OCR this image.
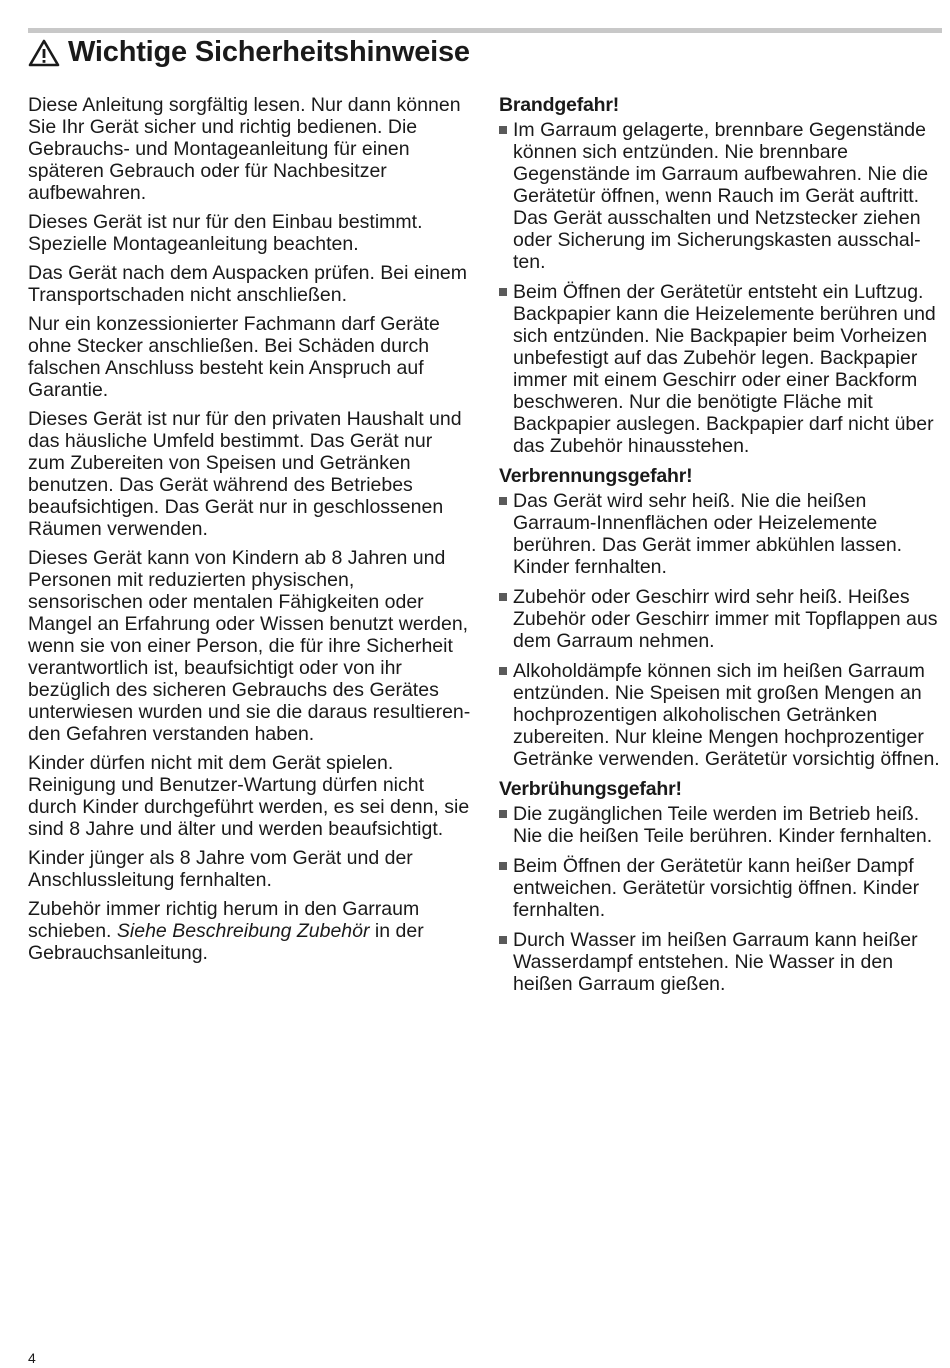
Wichtige Sicherheitshinweise

Diese Anleitung sorgfältig lesen. Nur dann können Sie Ihr Gerät sicher und richtig bedienen. Die Gebrauchs- und Montageanleitung für einen späteren Gebrauch oder für Nachbesitzer aufbewahren.

Dieses Gerät ist nur für den Einbau bestimmt. Spezielle Montageanleitung beachten.

Das Gerät nach dem Auspacken prüfen. Bei einem Transportschaden nicht anschließen.

Nur ein konzessionierter Fachmann darf Geräte ohne Stecker anschließen. Bei Schäden durch falschen Anschluss besteht kein Anspruch auf Garantie.

Dieses Gerät ist nur für den privaten Haushalt und das häusliche Umfeld bestimmt. Das Gerät nur zum Zubereiten von Speisen und Getränken benutzen. Das Gerät während des Betriebes beaufsichtigen. Das Gerät nur in geschlossenen Räumen verwenden.

Dieses Gerät kann von Kindern ab 8 Jahren und Personen mit reduzierten physischen, sensorischen oder mentalen Fähigkeiten oder Mangel an Erfahrung oder Wissen benutzt werden, wenn sie von einer Person, die für ihre Sicherheit verantwortlich ist, beaufsichtigt oder von ihr bezüglich des sicheren Gebrauchs des Gerätes unterwiesen wurden und sie die daraus resultierenden Gefahren verstanden haben.

Kinder dürfen nicht mit dem Gerät spielen. Reinigung und Benutzer-Wartung dürfen nicht durch Kinder durchgeführt werden, es sei denn, sie sind 8 Jahre und älter und werden beaufsichtigt.

Kinder jünger als 8 Jahre vom Gerät und der Anschlussleitung fernhalten.

Zubehör immer richtig herum in den Garraum schieben. Siehe Beschreibung Zubehör in der Gebrauchsanleitung.

Brandgefahr!
Im Garraum gelagerte, brennbare Gegenstände können sich entzünden. Nie brennbare Gegenstände im Garraum aufbewahren. Nie die Gerätetür öffnen, wenn Rauch im Gerät auftritt. Das Gerät ausschalten und Netzstecker ziehen oder Sicherung im Sicherungskasten ausschalten.
Beim Öffnen der Gerätetür entsteht ein Luftzug. Backpapier kann die Heizelemente berühren und sich entzünden. Nie Backpapier beim Vorheizen unbefestigt auf das Zubehör legen. Backpapier immer mit einem Geschirr oder einer Backform beschweren. Nur die benötigte Fläche mit Backpapier auslegen. Backpapier darf nicht über das Zubehör hinausstehen.
Verbrennungsgefahr!
Das Gerät wird sehr heiß. Nie die heißen Garraum-Innenflächen oder Heizelemente berühren. Das Gerät immer abkühlen lassen. Kinder fernhalten.
Zubehör oder Geschirr wird sehr heiß. Heißes Zubehör oder Geschirr immer mit Topflappen aus dem Garraum nehmen.
Alkoholdämpfe können sich im heißen Garraum entzünden. Nie Speisen mit großen Mengen an hochprozentigen alkoholischen Getränken zubereiten. Nur kleine Mengen hochprozentiger Getränke verwenden. Gerätetür vorsichtig öffnen.
Verbrühungsgefahr!
Die zugänglichen Teile werden im Betrieb heiß. Nie die heißen Teile berühren. Kinder fernhalten.
Beim Öffnen der Gerätetür kann heißer Dampf entweichen. Gerätetür vorsichtig öffnen. Kinder fernhalten.
Durch Wasser im heißen Garraum kann heißer Wasserdampf entstehen. Nie Wasser in den heißen Garraum gießen.
4
